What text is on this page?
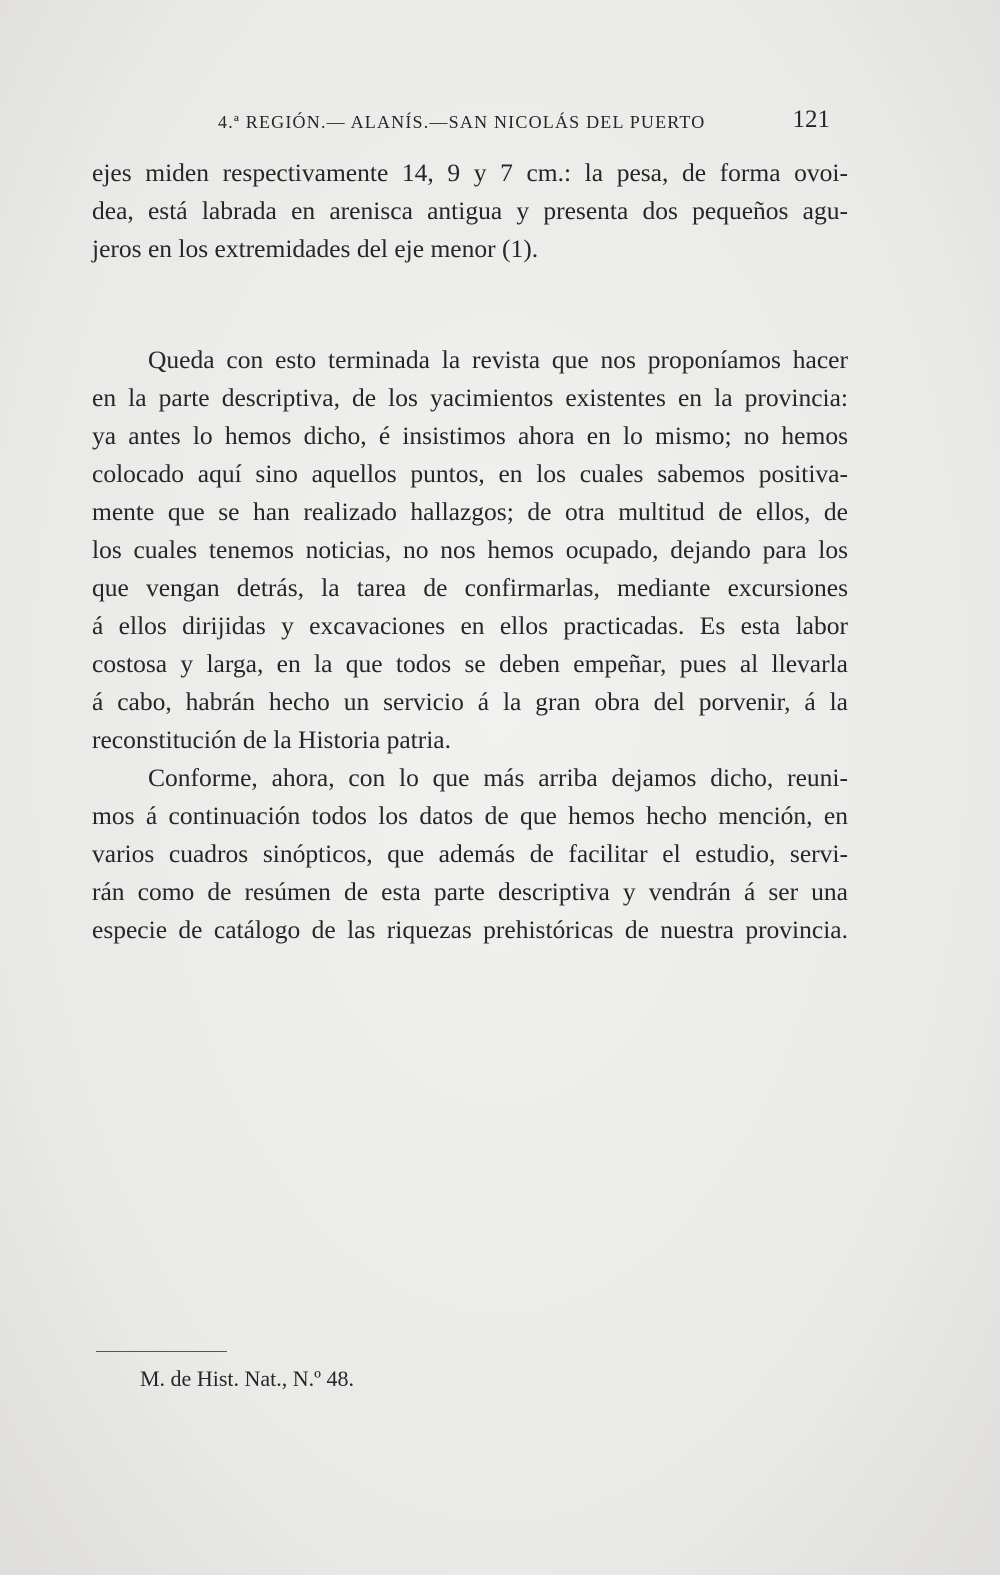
4.ª REGIÓN.— ALANÍS.—SAN NICOLÁS DEL PUERTO	121
ejes miden respectivamente 14, 9 y 7 cm.: la pesa, de forma ovoi-
dea, está labrada en arenisca antigua y presenta dos pequeños agu-
jeros en los extremidades del eje menor (1).
Queda con esto terminada la revista que nos proponíamos hacer
en la parte descriptiva, de los yacimientos existentes en la provincia:
ya antes lo hemos dicho, é insistimos ahora en lo mismo; no hemos
colocado aquí sino aquellos puntos, en los cuales sabemos positiva-
mente que se han realizado hallazgos; de otra multitud de ellos, de
los cuales tenemos noticias, no nos hemos ocupado, dejando para los
que vengan detrás, la tarea de confirmarlas, mediante excursiones
á ellos dirijidas y excavaciones en ellos practicadas. Es esta labor
costosa y larga, en la que todos se deben empeñar, pues al llevarla
á cabo, habrán hecho un servicio á la gran obra del porvenir, á la
reconstitución de la Historia patria.
Conforme, ahora, con lo que más arriba dejamos dicho, reuni-
mos á continuación todos los datos de que hemos hecho mención, en
varios cuadros sinópticos, que además de facilitar el estudio, servi-
rán como de resúmen de esta parte descriptiva y vendrán á ser una
especie de catálogo de las riquezas prehistóricas de nuestra provincia.
M. de Hist. Nat., N.º 48.
